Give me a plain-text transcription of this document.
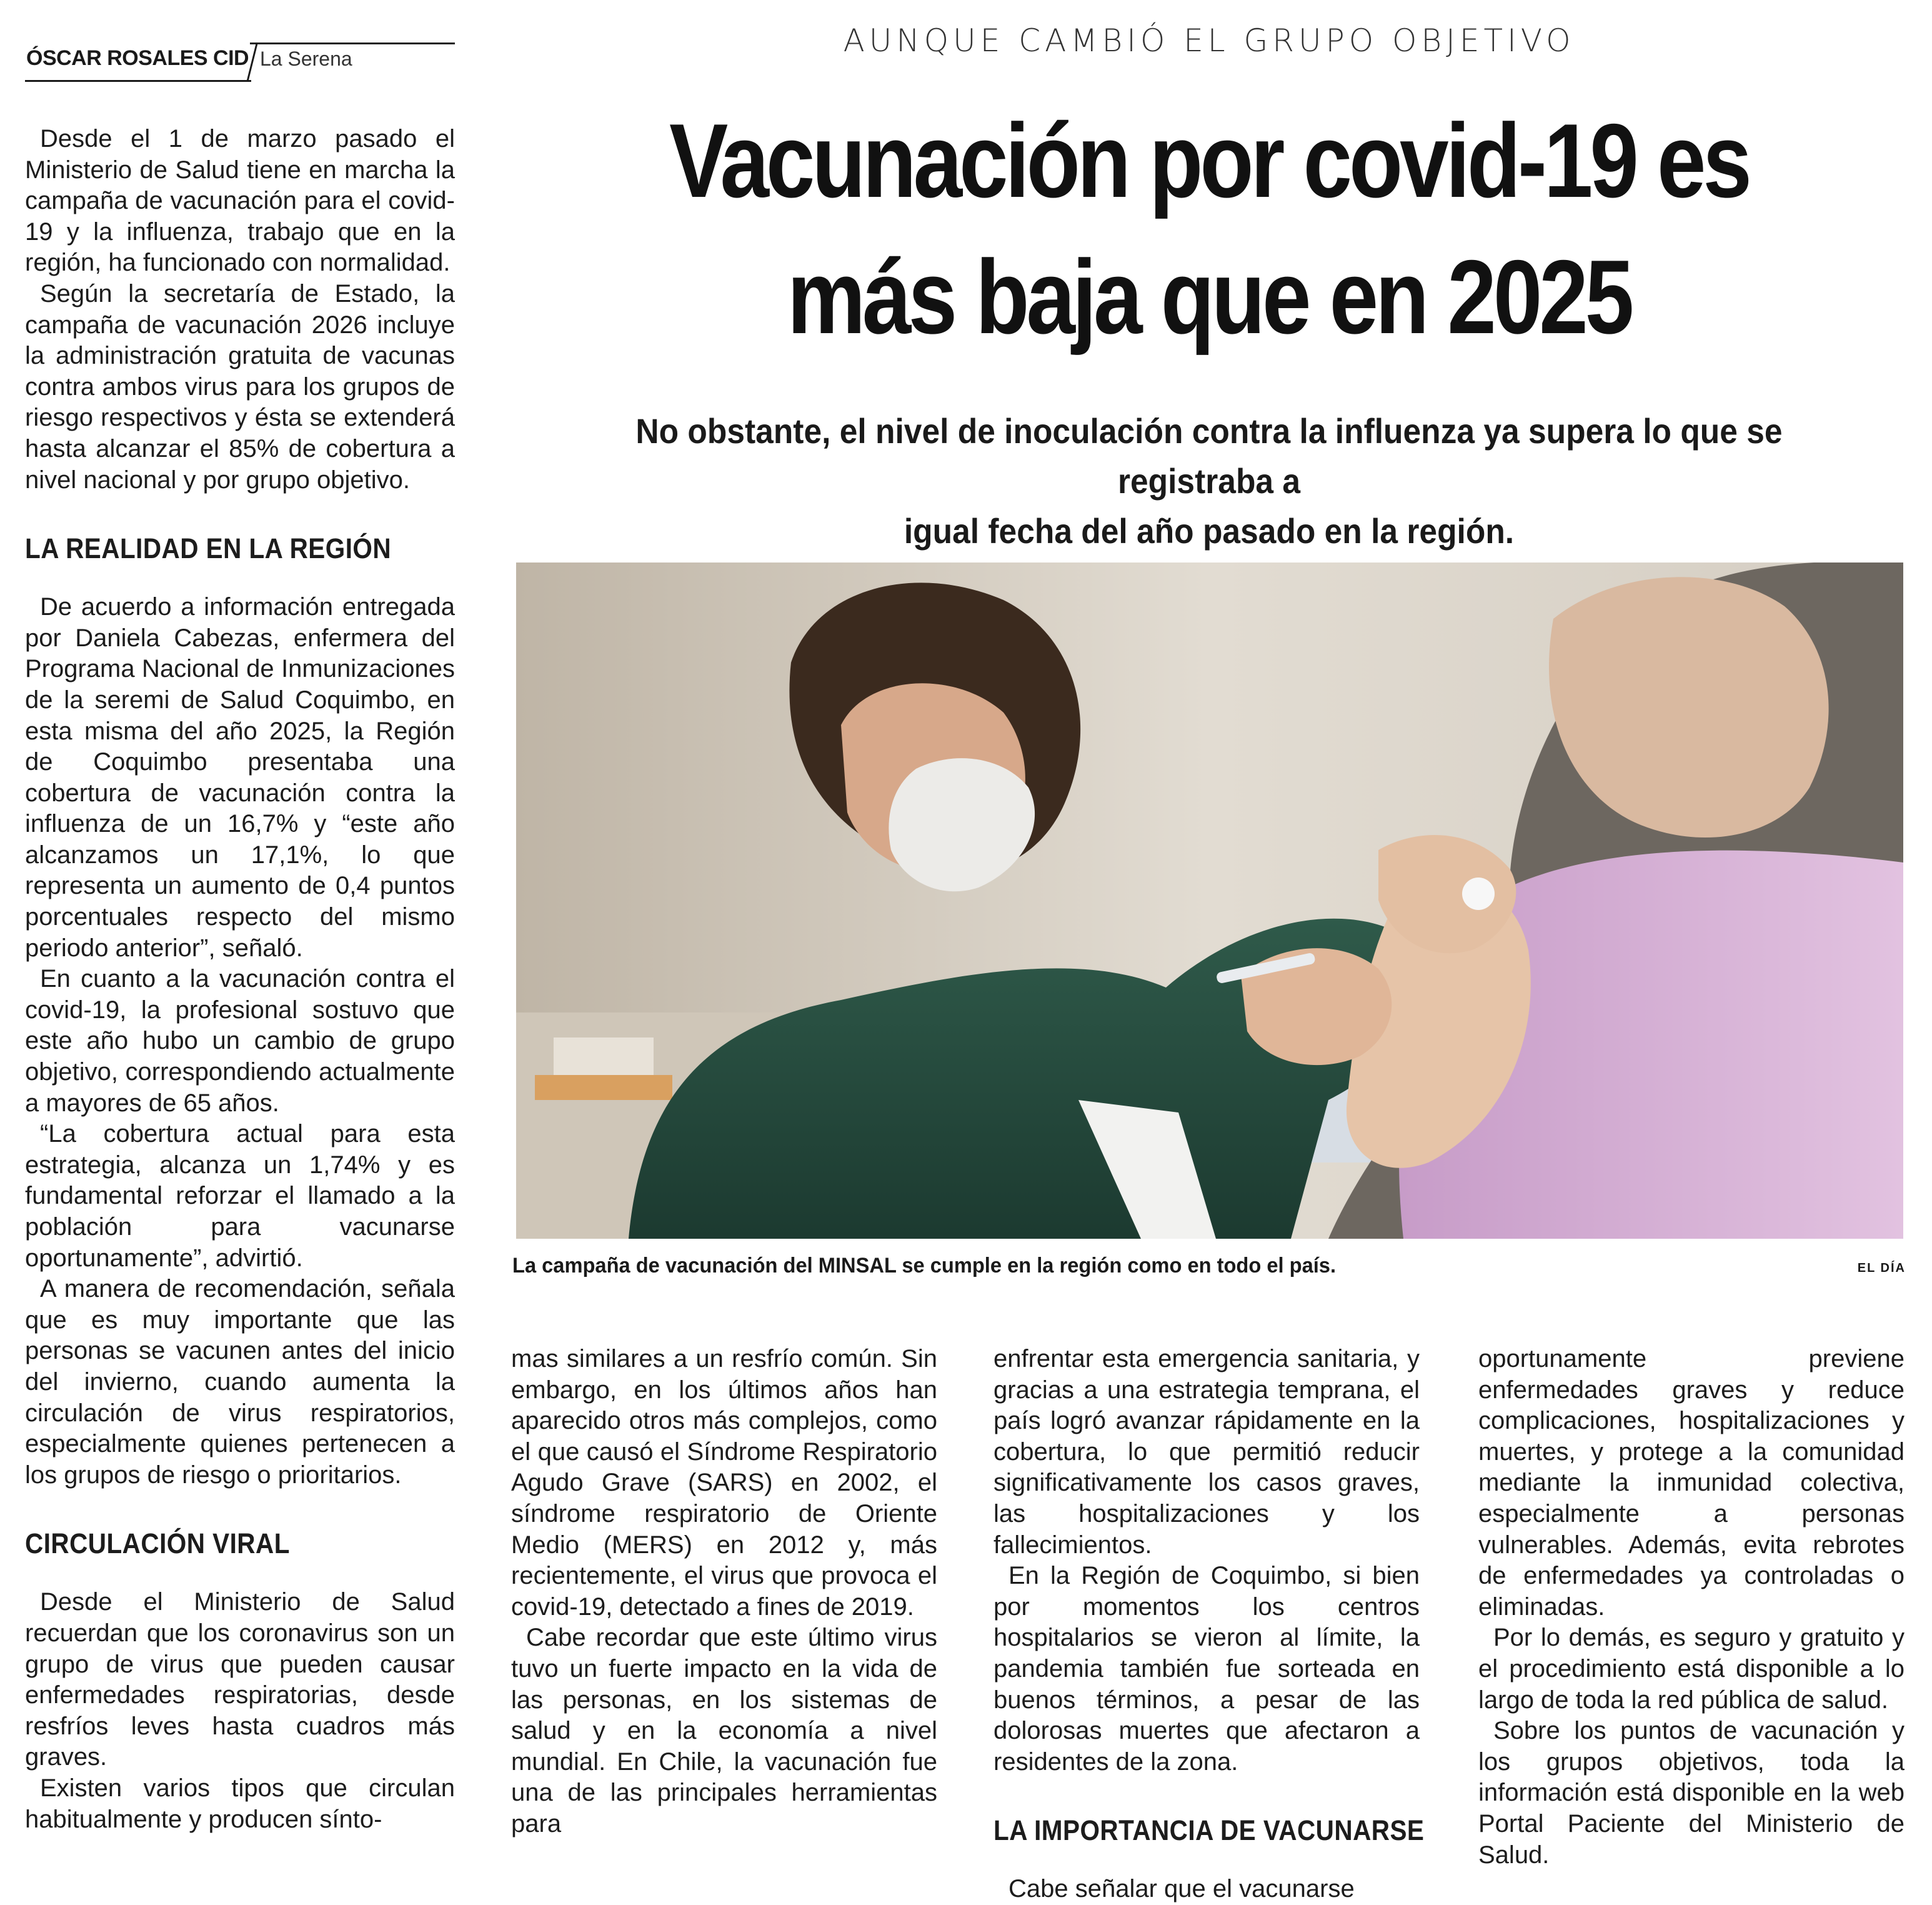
ÓSCAR ROSALES CID La Serena	AUNQUE CAMBIÓ EL GRUPO OBJETIVO
Vacunación por covid-19 es
más baja que en 2025
No obstante, el nivel de inoculación contra la influenza ya supera lo que se registraba a
igual fecha del año pasado en la región.
La campaña de vacunación del MINSAL se cumple en la región como en todo el país.	EL DÍA

Desde el 1 de marzo pasado el Ministerio de Salud tiene en marcha la campaña de vacunación para el covid-19 y la influenza, trabajo que en la región, ha funcionado con normalidad.

Según la secretaría de Estado, la campaña de vacunación 2026 incluye la administración gratuita de vacunas contra ambos virus para los grupos de riesgo respectivos y ésta se extenderá hasta alcanzar el 85% de cobertura a nivel nacional y por grupo objetivo.

LA REALIDAD EN LA REGIÓN

De acuerdo a información entregada por Daniela Cabezas, enfermera del Programa Nacional de Inmunizaciones de la seremi de Salud Coquimbo, en esta misma del año 2025, la Región de Coquimbo presentaba una cobertura de vacunación contra la influenza de un 16,7% y “este año alcanzamos un 17,1%, lo que representa un aumento de 0,4 puntos porcentuales respecto del mismo periodo anterior”, señaló.

En cuanto a la vacunación contra el covid-19, la profesional sostuvo que este año hubo un cambio de grupo objetivo, correspondiendo actualmente a mayores de 65 años.

“La cobertura actual para esta estrategia, alcanza un 1,74% y es fundamental reforzar el llamado a la población para vacunarse oportunamente”, advirtió.

A manera de recomendación, señala que es muy importante que las personas se vacunen antes del inicio del invierno, cuando aumenta la circulación de virus respiratorios, especialmente quienes pertenecen a los grupos de riesgo o prioritarios.

CIRCULACIÓN VIRAL

Desde el Ministerio de Salud recuerdan que los coronavirus son un grupo de virus que pueden causar enfermedades respiratorias, desde resfríos leves hasta cuadros más graves.

Existen varios tipos que circulan habitualmente y producen sínto-

mas similares a un resfrío común. Sin embargo, en los últimos años han aparecido otros más complejos, como el que causó el Síndrome Respiratorio Agudo Grave (SARS) en 2002, el síndrome respiratorio de Oriente Medio (MERS) en 2012 y, más recientemente, el virus que provoca el covid-19, detectado a fines de 2019.

Cabe recordar que este último virus tuvo un fuerte impacto en la vida de las personas, en los sistemas de salud y en la economía a nivel mundial. En Chile, la vacunación fue una de las principales herramientas para

enfrentar esta emergencia sanitaria, y gracias a una estrategia temprana, el país logró avanzar rápidamente en la cobertura, lo que permitió reducir significativamente los casos graves, las hospitalizaciones y los fallecimientos.

En la Región de Coquimbo, si bien por momentos los centros hospitalarios se vieron al límite, la pandemia también fue sorteada en buenos términos, a pesar de las dolorosas muertes que afectaron a residentes de la zona.

LA IMPORTANCIA DE VACUNARSE

Cabe señalar que el vacunarse

oportunamente previene enfermedades graves y reduce complicaciones, hospitalizaciones y muertes, y protege a la comunidad mediante la inmunidad colectiva, especialmente a personas vulnerables. Además, evita rebrotes de enfermedades ya controladas o eliminadas.

Por lo demás, es seguro y gratuito y el procedimiento está disponible a lo largo de toda la red pública de salud.

Sobre los puntos de vacunación y los grupos objetivos, toda la información está disponible en la web Portal Paciente del Ministerio de Salud.
